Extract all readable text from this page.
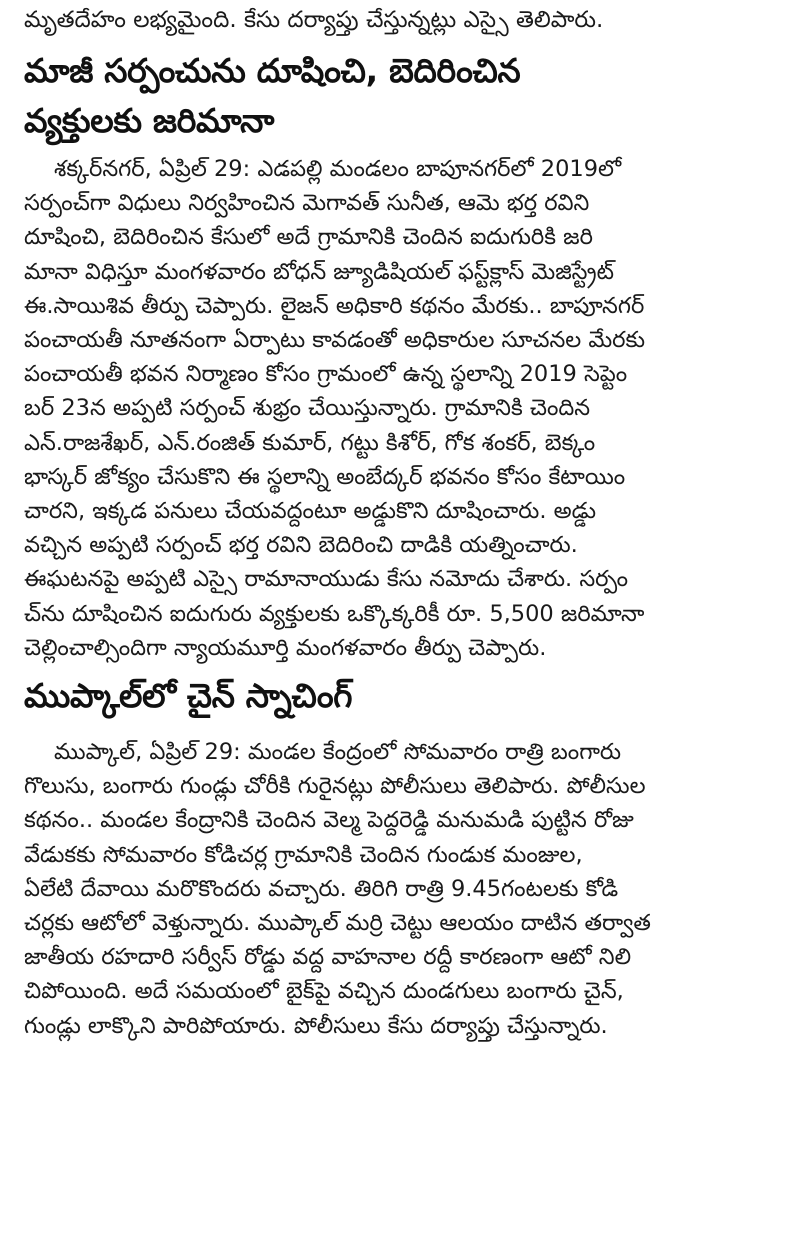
మృతదేహం లభ్యమైంది. కేసు దర్యాప్తు చేస్తున్నట్లు ఎస్సై తెలిపారు.

మాజీ సర్పంచును దూషించి, బెదిరించిన
వ్యక్తులకు జరిమానా
శక్కర్‌నగర్, ఏప్రిల్ 29: ఎడపల్లి మండలం బాపూనగర్‌లో 2019లో
సర్పంచ్‌గా విధులు నిర్వహించిన మెగావత్ సునీత, ఆమె భర్త రవిని
దూషించి, బెదిరించిన కేసులో అదే గ్రామానికి చెందిన ఐదుగురికి జరి
మానా విధిస్తూ మంగళవారం బోధన్ జ్యూడిషియల్ ఫస్ట్‌క్లాస్ మెజిస్ట్రేట్
ఈ.సాయిశివ తీర్పు చెప్పారు. లైజన్ అధికారి కథనం మేరకు.. బాపూనగర్
పంచాయతీ నూతనంగా ఏర్పాటు కావడంతో అధికారుల సూచనల మేరకు
పంచాయతీ భవన నిర్మాణం కోసం గ్రామంలో ఉన్న స్థలాన్ని 2019 సెప్టెం
బర్ 23న అప్పటి సర్పంచ్ శుభ్రం చేయిస్తున్నారు. గ్రామానికి చెందిన
ఎన్.రాజశేఖర్, ఎన్.రంజిత్ కుమార్, గట్టు కిశోర్, గోక శంకర్, బెక్కం
భాస్కర్ జోక్యం చేసుకొని ఈ స్థలాన్ని అంబేద్కర్ భవనం కోసం కేటాయిం
చారని, ఇక్కడ పనులు చేయవద్దంటూ అడ్డుకొని దూషించారు. అడ్డు
వచ్చిన అప్పటి సర్పంచ్ భర్త రవిని బెదిరించి దాడికి యత్నించారు.
ఈఘటనపై అప్పటి ఎస్సై రామానాయుడు కేసు నమోదు చేశారు. సర్పం
చ్‌ను దూషించిన ఐదుగురు వ్యక్తులకు ఒక్కొక్కరికీ రూ. 5,500 జరిమానా
చెల్లించాల్సిందిగా న్యాయమూర్తి మంగళవారం తీర్పు చెప్పారు.
ముప్కాల్‌లో చైన్ స్నాచింగ్
ముప్కాల్, ఏప్రిల్ 29: మండల కేంద్రంలో సోమవారం రాత్రి బంగారు
గొలుసు, బంగారు గుండ్లు చోరీకి గురైనట్లు పోలీసులు తెలిపారు. పోలీసుల
కథనం.. మండల కేంద్రానికి చెందిన వెల్మ పెద్దరెడ్డి మనుమడి పుట్టిన రోజు
వేడుకకు సోమవారం కోడిచర్ల గ్రామానికి చెందిన గుండుక మంజుల,
ఏలేటి దేవాయి మరొకొందరు వచ్చారు. తిరిగి రాత్రి 9.45గంటలకు కోడి
చర్లకు ఆటోలో వెళ్తున్నారు. ముప్కాల్ మర్రి చెట్టు ఆలయం దాటిన తర్వాత
జాతీయ రహదారి సర్వీస్ రోడ్డు వద్ద వాహనాల రద్దీ కారణంగా ఆటో నిలి
చిపోయింది. అదే సమయంలో బైక్‌పై వచ్చిన దుండగులు బంగారు చైన్,
గుండ్లు లాక్కొని పారిపోయారు. పోలీసులు కేసు దర్యాప్తు చేస్తున్నారు.
